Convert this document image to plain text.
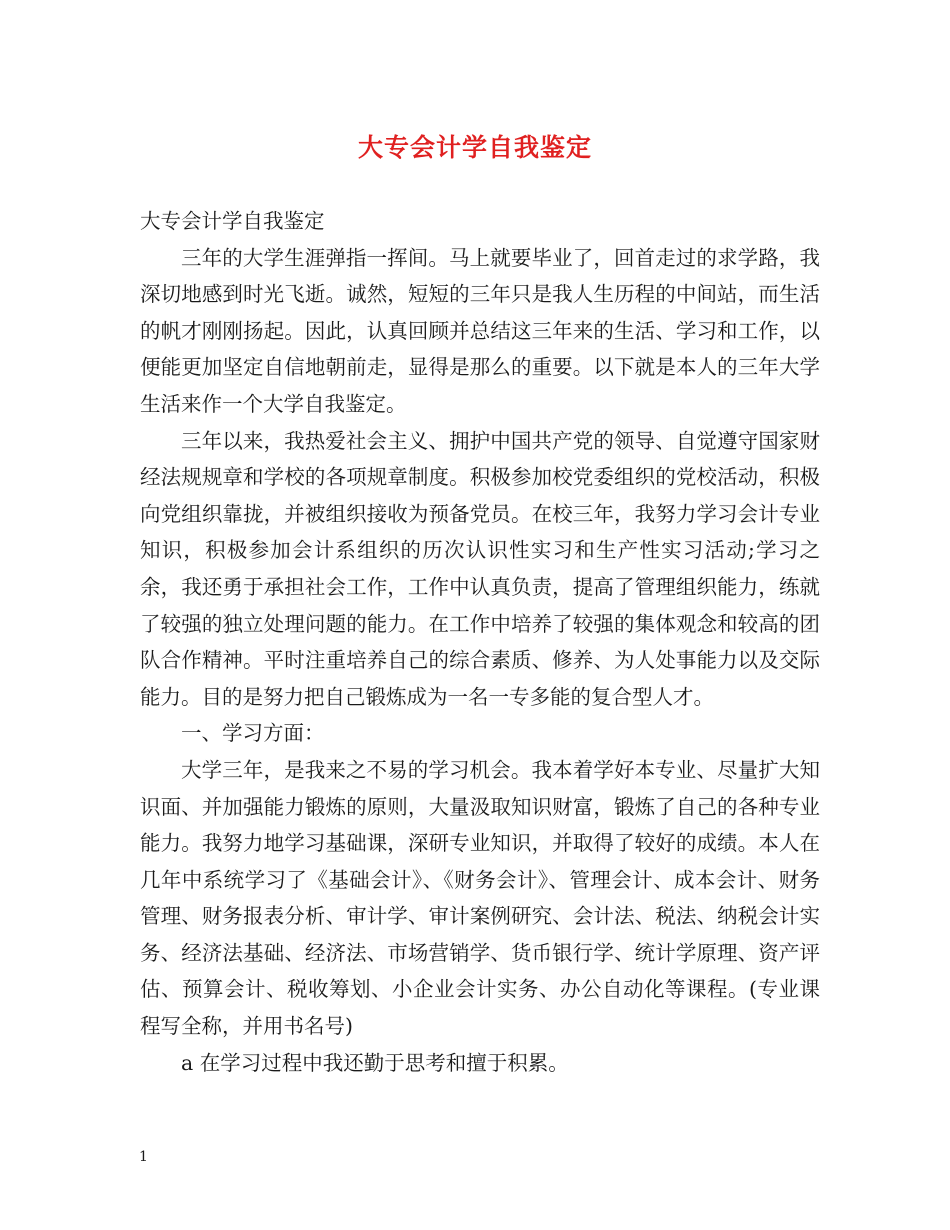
大专会计学自我鉴定

大专会计学自我鉴定

三年的大学生涯弹指一挥间。马上就要毕业了，回首走过的求学路，我深切地感到时光飞逝。诚然，短短的三年只是我人生历程的中间站，而生活的帆才刚刚扬起。因此，认真回顾并总结这三年来的生活、学习和工作，以便能更加坚定自信地朝前走，显得是那么的重要。以下就是本人的三年大学生活来作一个大学自我鉴定。

三年以来，我热爱社会主义、拥护中国共产党的领导、自觉遵守国家财经法规规章和学校的各项规章制度。积极参加校党委组织的党校活动，积极向党组织靠拢，并被组织接收为预备党员。在校三年，我努力学习会计专业知识，积极参加会计系组织的历次认识性实习和生产性实习活动;学习之余，我还勇于承担社会工作，工作中认真负责，提高了管理组织能力，练就了较强的独立处理问题的能力。在工作中培养了较强的集体观念和较高的团队合作精神。平时注重培养自己的综合素质、修养、为人处事能力以及交际能力。目的是努力把自己锻炼成为一名一专多能的复合型人才。

一、学习方面：

大学三年，是我来之不易的学习机会。我本着学好本专业、尽量扩大知识面、并加强能力锻炼的原则，大量汲取知识财富，锻炼了自己的各种专业能力。我努力地学习基础课，深研专业知识，并取得了较好的成绩。本人在几年中系统学习了《基础会计》、《财务会计》、管理会计、成本会计、财务管理、财务报表分析、审计学、审计案例研究、会计法、税法、纳税会计实务、经济法基础、经济法、市场营销学、货币银行学、统计学原理、资产评估、预算会计、税收筹划、小企业会计实务、办公自动化等课程。(专业课程写全称，并用书名号)

a 在学习过程中我还勤于思考和擅于积累。

1
